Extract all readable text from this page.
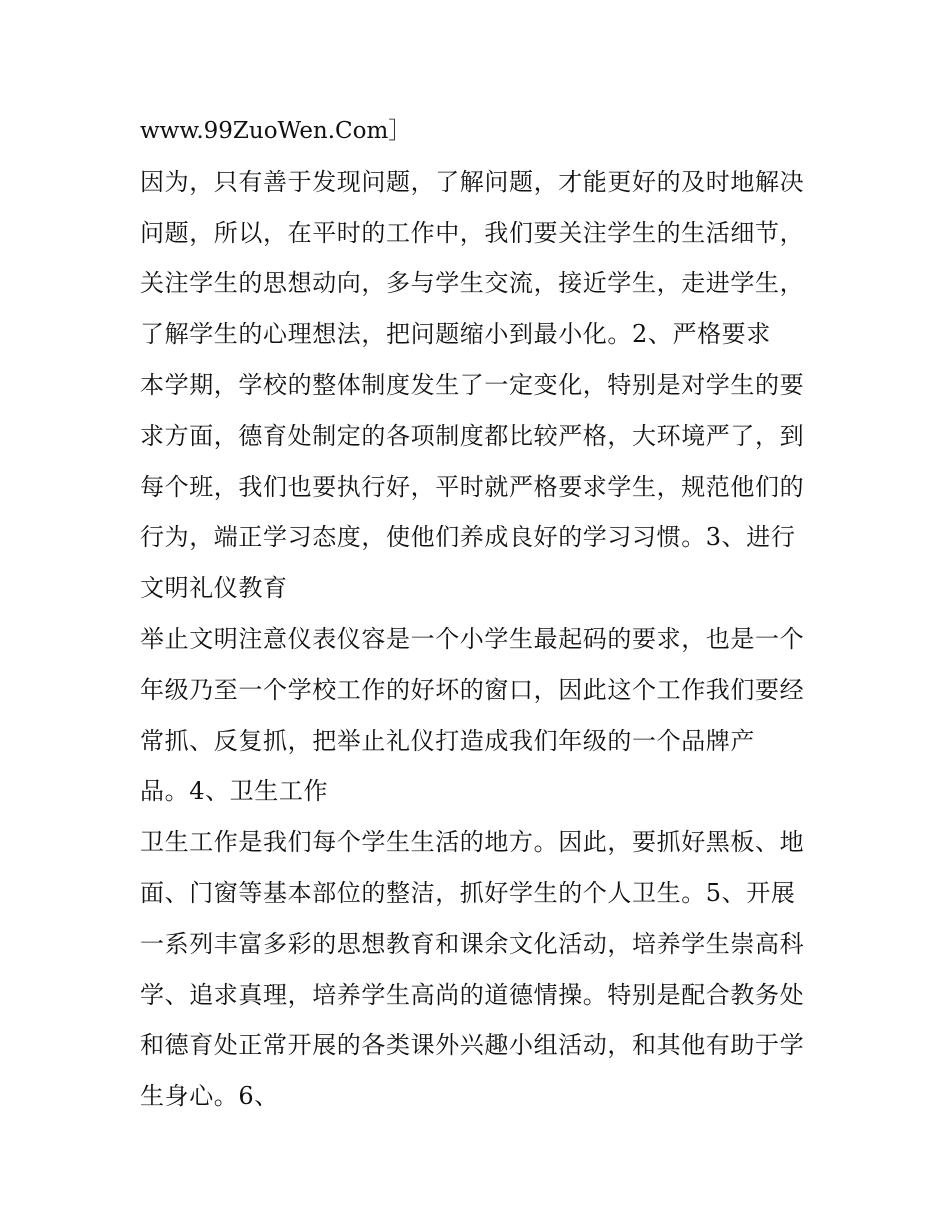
www.99ZuoWen.Com］
因为，只有善于发现问题，了解问题，才能更好的及时地解决
问题，所以，在平时的工作中，我们要关注学生的生活细节，
关注学生的思想动向，多与学生交流，接近学生，走进学生，
了解学生的心理想法，把问题缩小到最小化。2、严格要求
本学期，学校的整体制度发生了一定变化，特别是对学生的要
求方面，德育处制定的各项制度都比较严格，大环境严了，到
每个班，我们也要执行好，平时就严格要求学生，规范他们的
行为，端正学习态度，使他们养成良好的学习习惯。3、进行
文明礼仪教育
举止文明注意仪表仪容是一个小学生最起码的要求，也是一个
年级乃至一个学校工作的好坏的窗口，因此这个工作我们要经
常抓、反复抓，把举止礼仪打造成我们年级的一个品牌产
品。4、卫生工作
卫生工作是我们每个学生生活的地方。因此，要抓好黑板、地
面、门窗等基本部位的整洁，抓好学生的个人卫生。5、开展
一系列丰富多彩的思想教育和课余文化活动，培养学生崇高科
学、追求真理，培养学生高尚的道德情操。特别是配合教务处
和德育处正常开展的各类课外兴趣小组活动，和其他有助于学
生身心。6、
